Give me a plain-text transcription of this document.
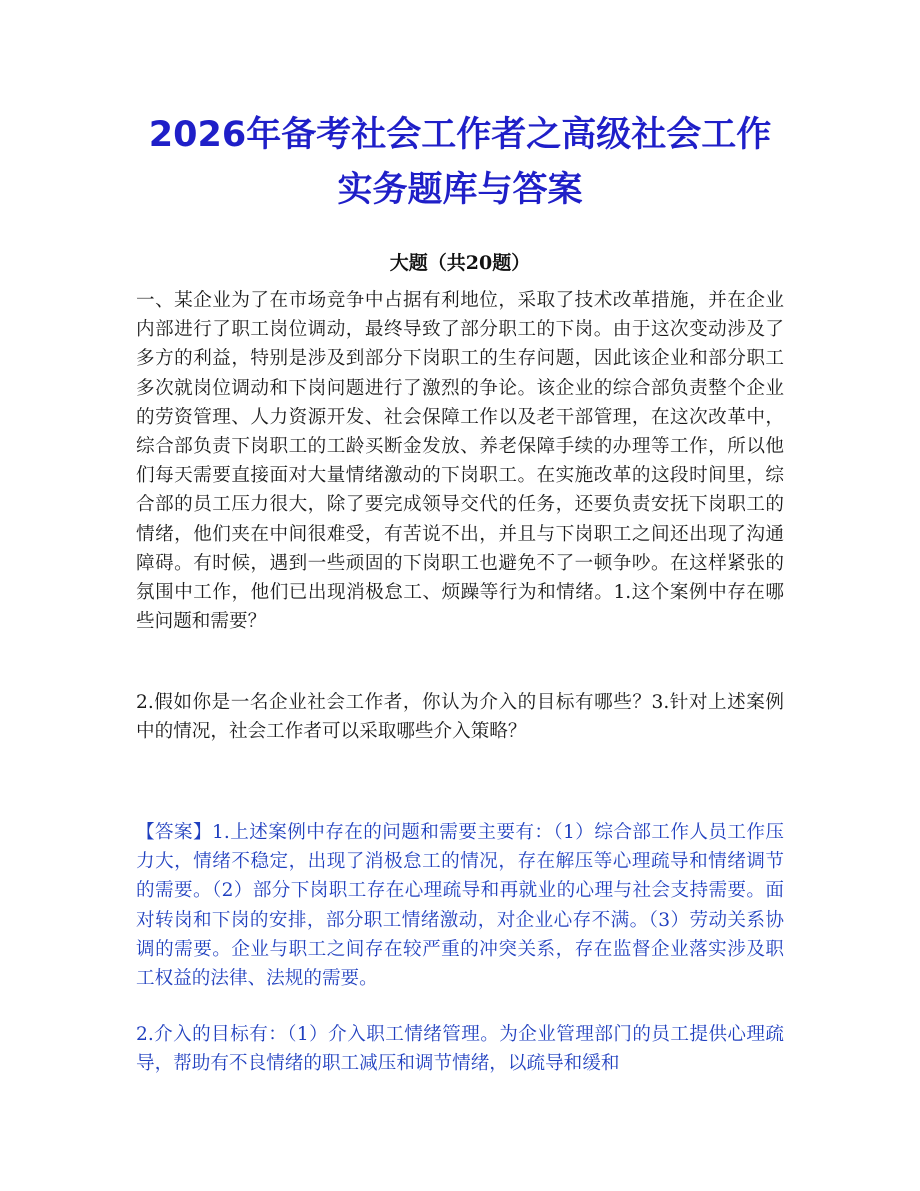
2026年备考社会工作者之高级社会工作
实务题库与答案
大题（共20题）

一、某企业为了在市场竞争中占据有利地位，采取了技术改革措施，并在企业内部进行了职工岗位调动，最终导致了部分职工的下岗。由于这次变动涉及了多方的利益，特别是涉及到部分下岗职工的生存问题，因此该企业和部分职工多次就岗位调动和下岗问题进行了激烈的争论。该企业的综合部负责整个企业的劳资管理、人力资源开发、社会保障工作以及老干部管理，在这次改革中，综合部负责下岗职工的工龄买断金发放、养老保障手续的办理等工作，所以他们每天需要直接面对大量情绪激动的下岗职工。在实施改革的这段时间里，综合部的员工压力很大，除了要完成领导交代的任务，还要负责安抚下岗职工的情绪，他们夹在中间很难受，有苦说不出，并且与下岗职工之间还出现了沟通障碍。有时候，遇到一些顽固的下岗职工也避免不了一顿争吵。在这样紧张的氛围中工作，他们已出现消极怠工、烦躁等行为和情绪。1.这个案例中存在哪些问题和需要？

2.假如你是一名企业社会工作者，你认为介入的目标有哪些？3.针对上述案例中的情况，社会工作者可以采取哪些介入策略？

【答案】1.上述案例中存在的问题和需要主要有：（1）综合部工作人员工作压力大，情绪不稳定，出现了消极怠工的情况，存在解压等心理疏导和情绪调节的需要。（2）部分下岗职工存在心理疏导和再就业的心理与社会支持需要。面对转岗和下岗的安排，部分职工情绪激动，对企业心存不满。（3）劳动关系协调的需要。企业与职工之间存在较严重的冲突关系，存在监督企业落实涉及职工权益的法律、法规的需要。

2.介入的目标有：（1）介入职工情绪管理。为企业管理部门的员工提供心理疏导，帮助有不良情绪的职工减压和调节情绪，以疏导和缓和
